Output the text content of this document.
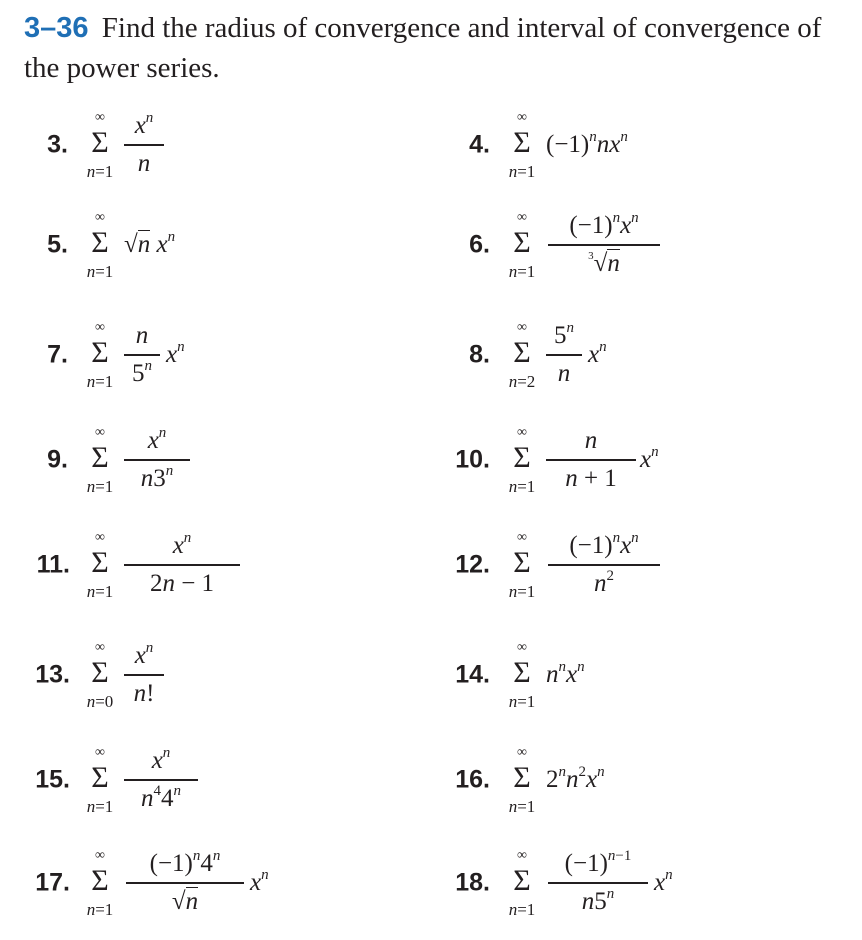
3–36 Find the radius of convergence and interval of convergence of the power series.
3.
∞
Σ
n=1
$x^n$
n
4.
∞
Σ
n=1
$(-1)^nnx^n$
5.
∞
Σ
n=1
√n $x^n$	6.
∞
Σ
n=1
$(-1)^nx^n$
$^3$√n
7.
∞
Σ
n=1
n
5$^n$ $x^n$	8.
∞
Σ
n=2
5$^n$
n
$x^n$
9.
∞
Σ
n=1
$x^n$
n3$^n$	10.
∞
Σ
n=1
n
n + 1
$x^n$
11.
∞
Σ
n=1
$x^n$
2n − 1
12.
∞
Σ
n=1
$(-1)^nx^n$
$n^2$
13.
∞
Σ
n=0
$x^n$
n!
14.
∞
Σ
n=1
$n^nx^n$
15.
∞
Σ
n=1
$x^n$
$n^44^n$	16.
∞
Σ
n=1
$2^nn^2x^n$
17.
∞
Σ
n=1
$(-1)^n4^n$
√n
$x^n$	18.
∞
Σ
n=1
$(-1)^{n-1}$
n5$^n$	$x^n$
